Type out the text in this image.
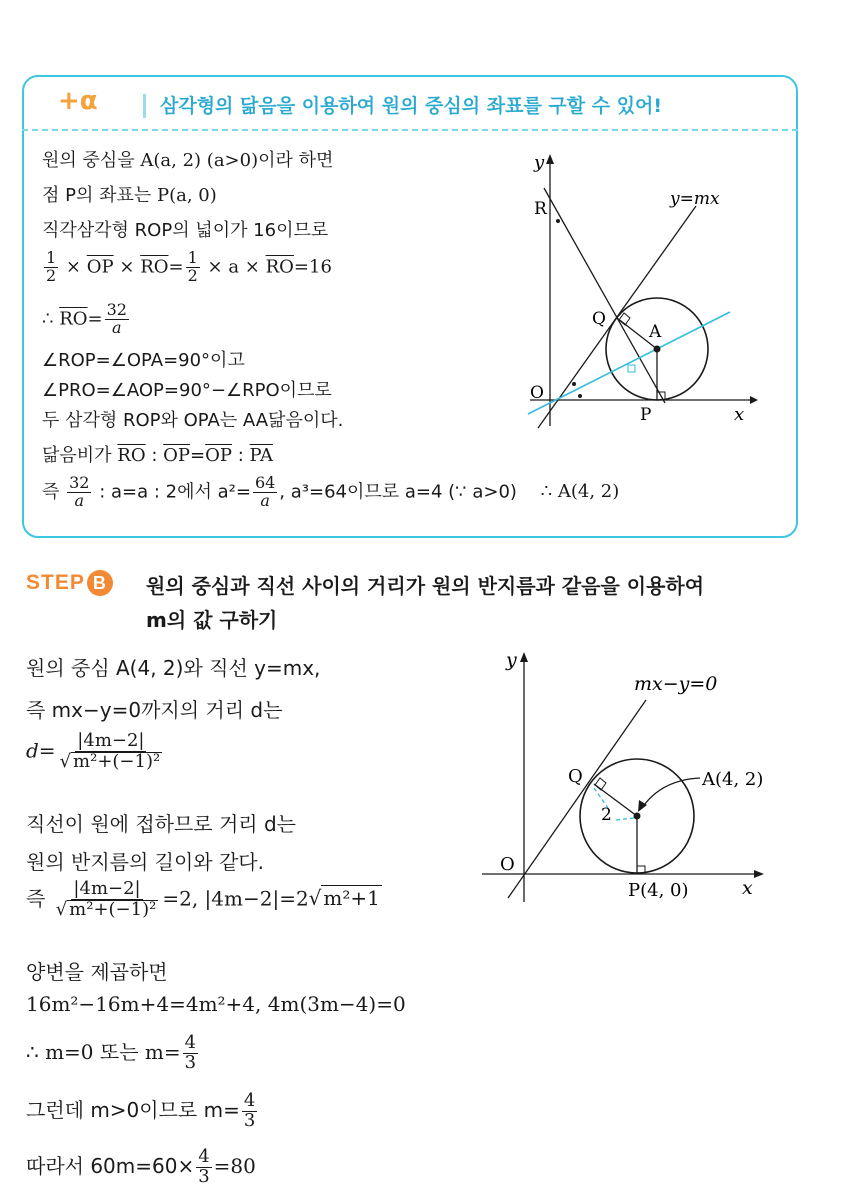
+α	삼각형의 닮음을 이용하여 원의 중심의 좌표를 구할 수 있어!
원의 중심을 A(a, 2) (a>0)이라 하면
점 P의 좌표는 P(a, 0)
직각삼각형 ROP의 넓이가 16이므로
$\frac{1}{2} \times \overline{OP} \times \overline{RO}= \frac{1}{2} \times a \times \overline{RO}=16$
∴ $\overline{RO}= \frac{32}{a}$
∠ROP=∠OPA=90°이고
∠PRO=∠AOP=90°−∠RPO이므로
두 삼각형 ROP와 OPA는 AA닮음이다.
닮음비가 $\overline{RO}$ : $\overline{OP}=\overline{OP}$ : $\overline{PA}$
즉 $\frac{32}{a}$ : a=a : 2에서 $a^2= \frac{64}{a}$ , a³=64이므로 a=4 (∵ a>0) ∴ A(4, 2)
y
x
O
R
Q
A
P
y=mx
STEP B	원의 중심과 직선 사이의 거리가 원의 반지름과 같음을 이용하여
m의 값 구하기
원의 중심 A(4, 2)와 직선 y=mx,
즉 mx−y=0까지의 거리 d는
$d= \frac{|4m-2|}{\text{√ m²+(−1)²}}$
직선이 원에 접하므로 거리 d는
원의 반지름의 길이와 같다.
즉 $\frac{|4m-2|}{\text{√ m²+(−1)²}} =2$, |4m−2|=2√ m²+1
양변을 제곱하면
16m²−16m+4=4m²+4, 4m(3m−4)=0
∴ m=0 또는 $m= \frac{4}{3}$
그런데 m>0이므로 $m= \frac{4}{3}$
따라서 $60m=60\times \frac{4}{3} =80$
y
x
O
Q	A(4, 2)
P(4, 0)
2
mx−y=0
